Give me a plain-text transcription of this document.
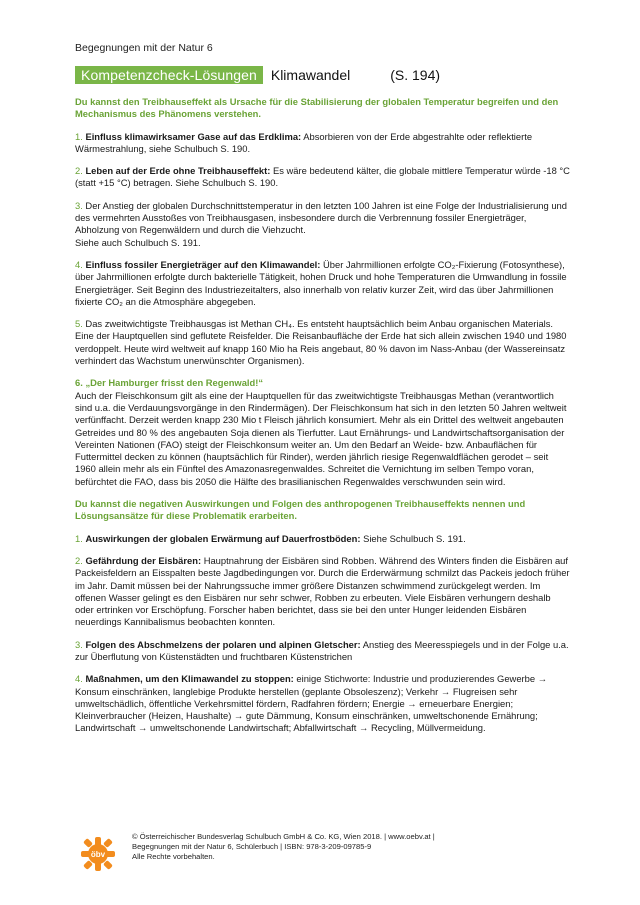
Begegnungen mit der Natur 6
Kompetenzcheck-Lösungen	Klimawandel	(S. 194)

Du kannst den Treibhauseffekt als Ursache für die Stabilisierung der globalen Temperatur begreifen und den Mechanismus des Phänomens verstehen.

1. Einfluss klimawirksamer Gase auf das Erdklima: Absorbieren von der Erde abgestrahlte oder reflektierte Wärmestrahlung, siehe Schulbuch S. 190.

2. Leben auf der Erde ohne Treibhauseffekt: Es wäre bedeutend kälter, die globale mittlere Temperatur würde -18 °C (statt +15 °C) betragen. Siehe Schulbuch S. 190.

3. Der Anstieg der globalen Durchschnittstemperatur in den letzten 100 Jahren ist eine Folge der Industrialisierung und des vermehrten Ausstoßes von Treibhausgasen, insbesondere durch die Verbrennung fossiler Energieträger, Abholzung von Regenwäldern und durch die Viehzucht.
Siehe auch Schulbuch S. 191.

4. Einfluss fossiler Energieträger auf den Klimawandel: Über Jahrmillionen erfolgte CO₂-Fixierung (Fotosynthese), über Jahrmillionen erfolgte durch bakterielle Tätigkeit, hohen Druck und hohe Temperaturen die Umwandlung in fossile Energieträger. Seit Beginn des Industriezeitalters, also innerhalb von relativ kurzer Zeit, wird das über Jahrmillionen fixierte CO₂ an die Atmosphäre abgegeben.

5. Das zweitwichtigste Treibhausgas ist Methan CH₄. Es entsteht hauptsächlich beim Anbau organischen Materials. Eine der Hauptquellen sind geflutete Reisfelder. Die Reisanbaufläche der Erde hat sich allein zwischen 1940 und 1980 verdoppelt. Heute wird weltweit auf knapp 160 Mio ha Reis angebaut, 80 % davon im Nass-Anbau (der Wassereinsatz verhindert das Wachstum unerwünschter Organismen).

6. „Der Hamburger frisst den Regenwald!“
Auch der Fleischkonsum gilt als eine der Hauptquellen für das zweitwichtigste Treibhausgas Methan (verantwortlich sind u.a. die Verdauungsvorgänge in den Rindermägen). Der Fleischkonsum hat sich in den letzten 50 Jahren weltweit verfünffacht. Derzeit werden knapp 230 Mio t Fleisch jährlich konsumiert. Mehr als ein Drittel des weltweit angebauten Getreides und 80 % des angebauten Soja dienen als Tierfutter. Laut Ernährungs- und Landwirtschaftsorganisation der Vereinten Nationen (FAO) steigt der Fleischkonsum weiter an. Um den Bedarf an Weide- bzw. Anbauflächen für Futtermittel decken zu können (hauptsächlich für Rinder), werden jährlich riesige Regenwaldflächen gerodet – seit 1960 allein mehr als ein Fünftel des Amazonasregenwaldes. Schreitet die Vernichtung im selben Tempo voran, befürchtet die FAO, dass bis 2050 die Hälfte des brasilianischen Regenwaldes verschwunden sein wird.

Du kannst die negativen Auswirkungen und Folgen des anthropogenen Treibhauseffekts nennen und Lösungsansätze für diese Problematik erarbeiten.

1. Auswirkungen der globalen Erwärmung auf Dauerfrostböden: Siehe Schulbuch S. 191.

2. Gefährdung der Eisbären: Hauptnahrung der Eisbären sind Robben. Während des Winters finden die Eisbären auf Packeisfeldern an Eisspalten beste Jagdbedingungen vor. Durch die Erderwärmung schmilzt das Packeis jedoch früher im Jahr. Damit müssen bei der Nahrungssuche immer größere Distanzen schwimmend zurückgelegt werden. Im offenen Wasser gelingt es den Eisbären nur sehr schwer, Robben zu erbeuten. Viele Eisbären verhungern deshalb oder ertrinken vor Erschöpfung. Forscher haben berichtet, dass sie bei den unter Hunger leidenden Eisbären neuerdings Kannibalismus beobachten konnten.

3. Folgen des Abschmelzens der polaren und alpinen Gletscher: Anstieg des Meeresspiegels und in der Folge u.a. zur Überflutung von Küstenstädten und fruchtbaren Küstenstrichen

4. Maßnahmen, um den Klimawandel zu stoppen: einige Stichworte: Industrie und produzierendes Gewerbe → Konsum einschränken, langlebige Produkte herstellen (geplante Obsoleszenz); Verkehr → Flugreisen sehr umweltschädlich, öffentliche Verkehrsmittel fördern, Radfahren fördern; Energie → erneuerbare Energien; Kleinverbraucher (Heizen, Haushalte) → gute Dämmung, Konsum einschränken, umweltschonende Ernährung; Landwirtschaft → umweltschonende Landwirtschaft; Abfallwirtschaft → Recycling, Müllvermeidung.

öbv
© Österreichischer Bundesverlag Schulbuch GmbH & Co. KG, Wien 2018. | www.oebv.at |
Begegnungen mit der Natur 6, Schülerbuch | ISBN: 978-3-209-09785-9
Alle Rechte vorbehalten.
